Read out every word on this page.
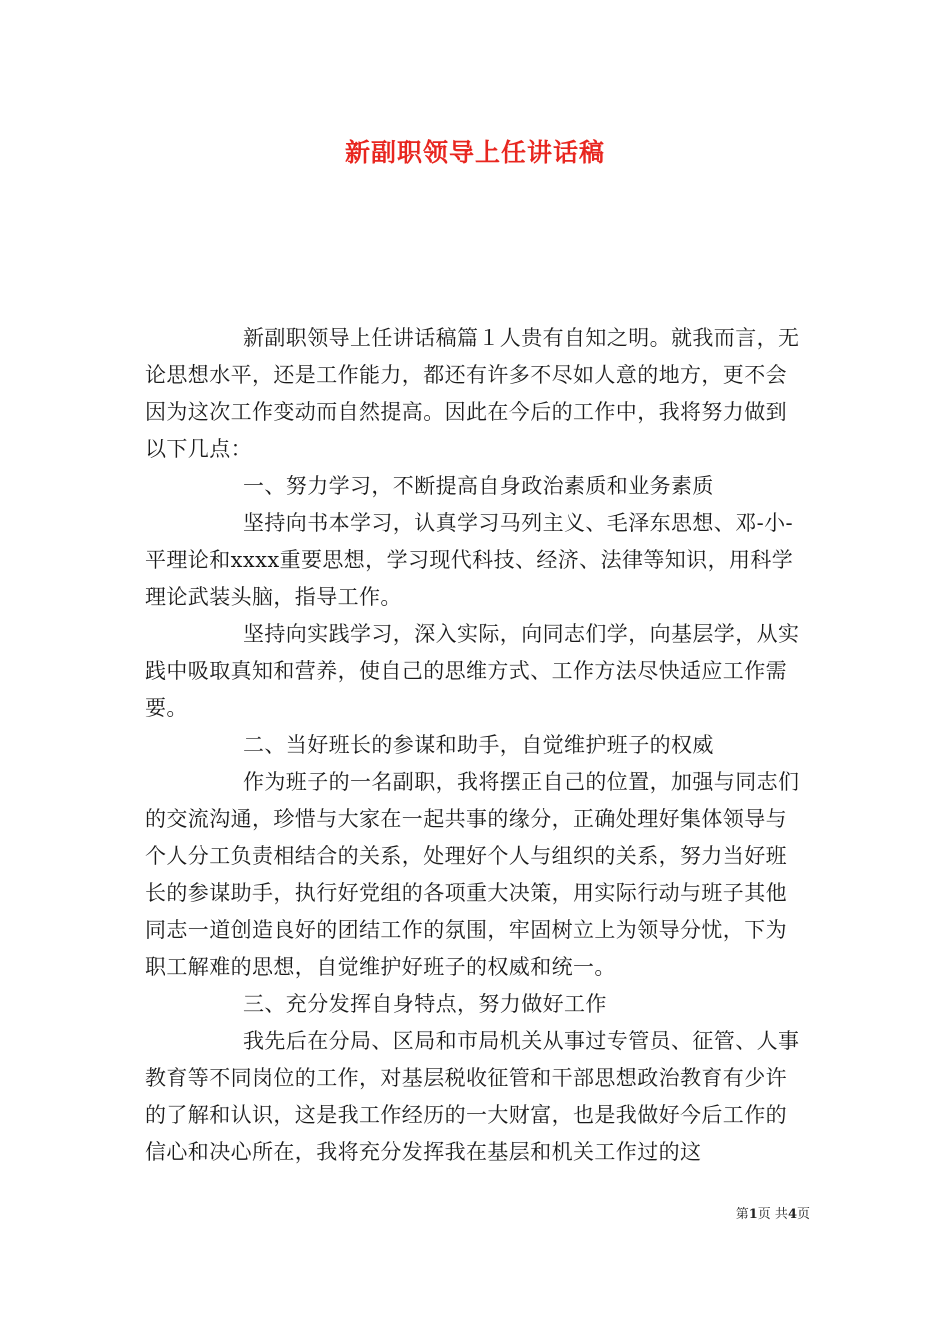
新副职领导上任讲话稿

新副职领导上任讲话稿篇１人贵有自知之明。就我而言，无论思想水平，还是工作能力，都还有许多不尽如人意的地方，更不会因为这次工作变动而自然提高。因此在今后的工作中，我将努力做到以下几点：

一、努力学习，不断提高自身政治素质和业务素质

坚持向书本学习，认真学习马列主义、毛泽东思想、邓-小-平理论和xxxx重要思想，学习现代科技、经济、法律等知识，用科学理论武装头脑，指导工作。

坚持向实践学习，深入实际，向同志们学，向基层学，从实践中吸取真知和营养，使自己的思维方式、工作方法尽快适应工作需要。

二、当好班长的参谋和助手，自觉维护班子的权威

作为班子的一名副职，我将摆正自己的位置，加强与同志们的交流沟通，珍惜与大家在一起共事的缘分，正确处理好集体领导与个人分工负责相结合的关系，处理好个人与组织的关系，努力当好班长的参谋助手，执行好党组的各项重大决策，用实际行动与班子其他同志一道创造良好的团结工作的氛围，牢固树立上为领导分忧，下为职工解难的思想，自觉维护好班子的权威和统一。

三、充分发挥自身特点，努力做好工作

我先后在分局、区局和市局机关从事过专管员、征管、人事教育等不同岗位的工作，对基层税收征管和干部思想政治教育有少许的了解和认识，这是我工作经历的一大财富，也是我做好今后工作的信心和决心所在，我将充分发挥我在基层和机关工作过的这

第1页 共4页
